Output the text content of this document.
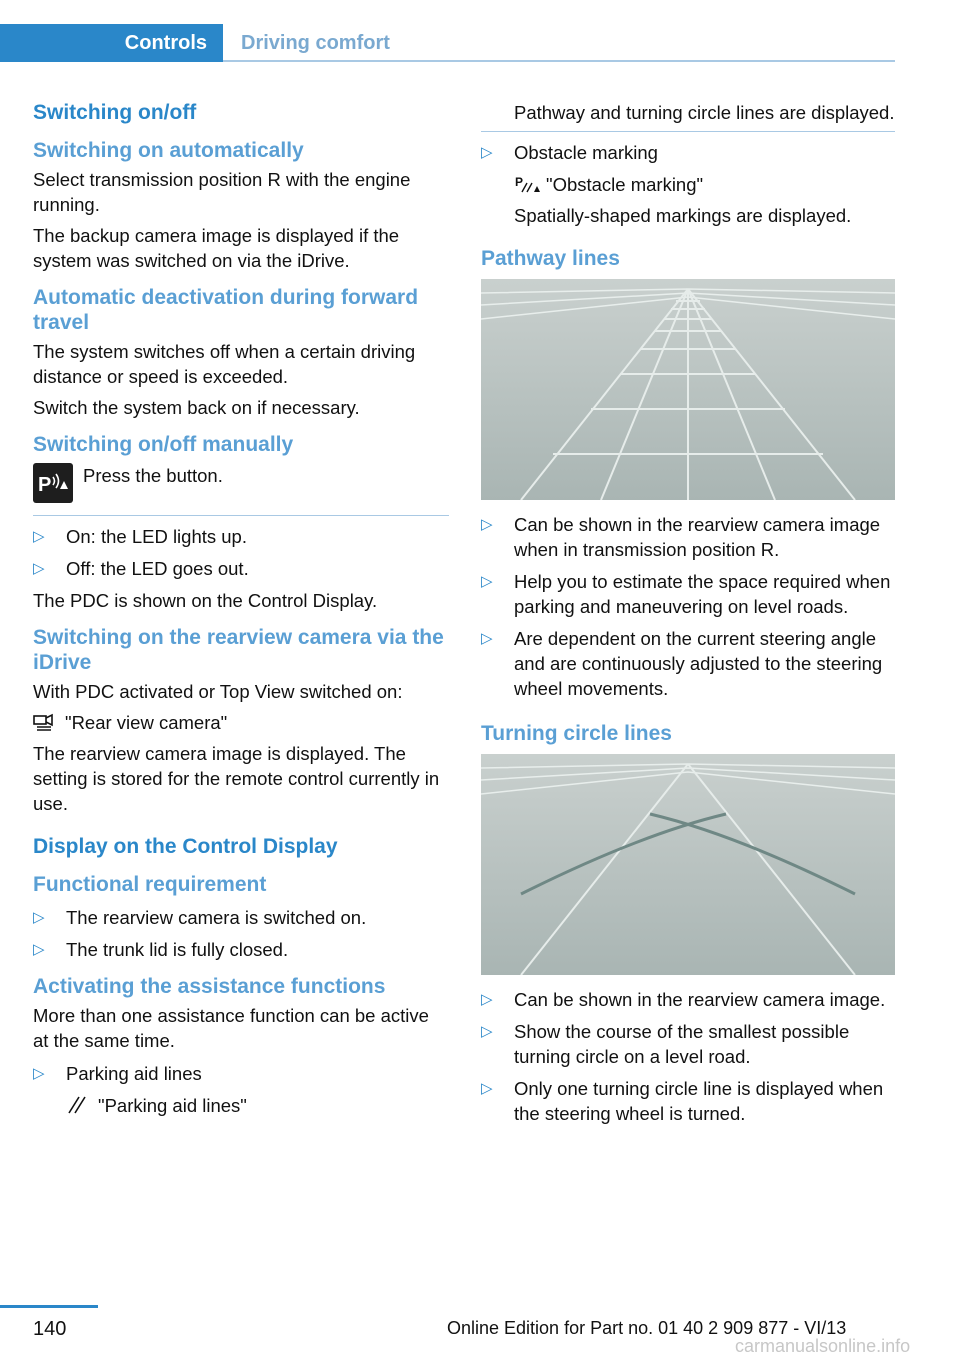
Controls	Driving comfort
Switching on/off
Switching on automatically

Select transmission position R with the engine running.

The backup camera image is displayed if the system was switched on via the iDrive.

Automatic deactivation during forward travel

The system switches off when a certain driving distance or speed is exceeded.

Switch the system back on if necessary.

Switching on/off manually
P Press the button.
▷ On: the LED lights up.
▷ Off: the LED goes out.

The PDC is shown on the Control Display.

Switching on the rearview camera via the iDrive

With PDC activated or Top View switched on:

"Rear view camera"

The rearview camera image is displayed. The setting is stored for the remote control currently in use.

Display on the Control Display
Functional requirement
▷ The rearview camera is switched on.
▷ The trunk lid is fully closed.
Activating the assistance functions

More than one assistance function can be active at the same time.

▷ Parking aid lines
"Parking aid lines"
Pathway and turning circle lines are displayed.
▷ Obstacle marking
P "Obstacle marking"
Spatially-shaped markings are displayed.
Pathway lines
▷ Can be shown in the rearview camera image when in transmission position R.
▷ Help you to estimate the space required when parking and maneuvering on level roads.
▷ Are dependent on the current steering angle and are continuously adjusted to the steering wheel movements.
Turning circle lines
▷ Can be shown in the rearview camera image.
▷ Show the course of the smallest possible turning circle on a level road.
▷ Only one turning circle line is displayed when the steering wheel is turned.
140	Online Edition for Part no. 01 40 2 909 877 - VI/13
carmanualsonline.info
